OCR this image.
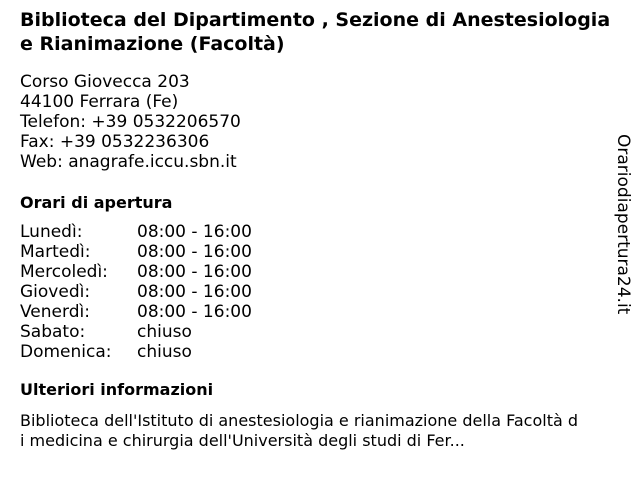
Biblioteca del Dipartimento , Sezione di Anestesiologia e Rianimazione (Facoltà)
Corso Giovecca 203
44100 Ferrara (Fe)
Telefon: +39 0532206570
Fax: +39 0532236306
Web: anagrafe.iccu.sbn.it
Orari di apertura
Lunedì:	08:00 - 16:00
Martedì:	08:00 - 16:00
Mercoledì:	08:00 - 16:00
Giovedì:	08:00 - 16:00
Venerdì:	08:00 - 16:00
Sabato:	chiuso
Domenica:	chiuso
Ulteriori informazioni
Biblioteca dell'Istituto di anestesiologia e rianimazione della Facoltà di medicina e chirurgia dell'Università degli studi di Fer...
Orariodiapertura24.it
